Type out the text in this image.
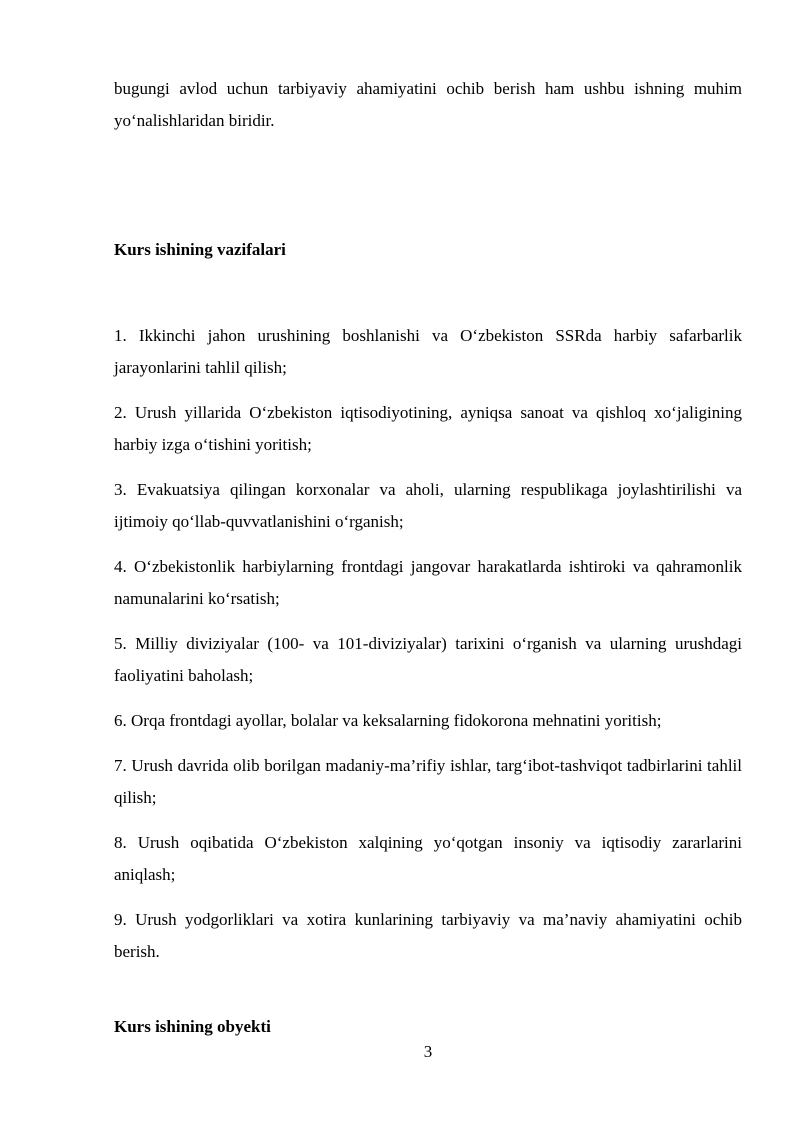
bugungi avlod uchun tarbiyaviy ahamiyatini ochib berish ham ushbu ishning muhim yo‘nalishlaridan biridir.

Kurs ishining vazifalari

1. Ikkinchi jahon urushining boshlanishi va O‘zbekiston SSRda harbiy safarbarlik jarayonlarini tahlil qilish;

2. Urush yillarida O‘zbekiston iqtisodiyotining, ayniqsa sanoat va qishloq xo‘jaligining harbiy izga o‘tishini yoritish;

3. Evakuatsiya qilingan korxonalar va aholi, ularning respublikaga joylashtirilishi va ijtimoiy qo‘llab-quvvatlanishini o‘rganish;

4. O‘zbekistonlik harbiylarning frontdagi jangovar harakatlarda ishtiroki va qahramonlik namunalarini ko‘rsatish;

5. Milliy diviziyalar (100- va 101-diviziyalar) tarixini o‘rganish va ularning urushdagi faoliyatini baholash;

6. Orqa frontdagi ayollar, bolalar va keksalarning fidokorona mehnatini yoritish;

7. Urush davrida olib borilgan madaniy-ma’rifiy ishlar, targ‘ibot-tashviqot tadbirlarini tahlil qilish;

8. Urush oqibatida O‘zbekiston xalqining yo‘qotgan insoniy va iqtisodiy zararlarini aniqlash;

9. Urush yodgorliklari va xotira kunlarining tarbiyaviy va ma’naviy ahamiyatini ochib berish.

Kurs ishining obyekti

3
